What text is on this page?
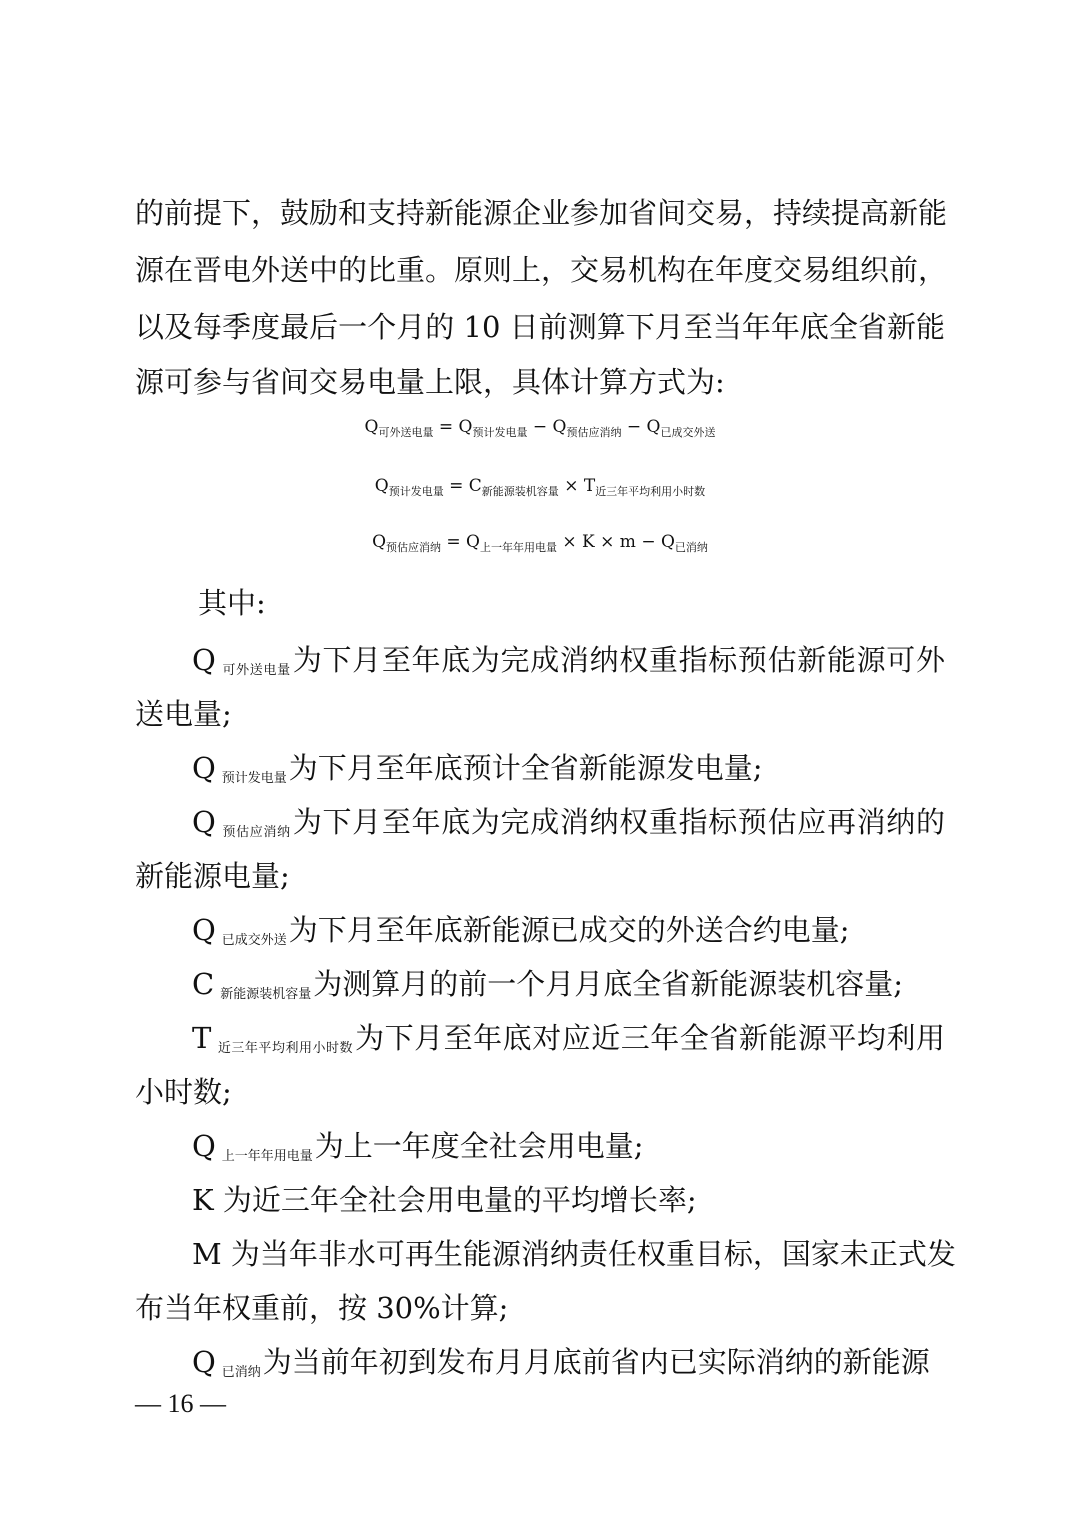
的前提下，鼓励和支持新能源企业参加省间交易，持续提高新能
源在晋电外送中的比重。原则上，交易机构在年度交易组织前，
以及每季度最后一个月的 10 日前测算下月至当年年底全省新能
源可参与省间交易电量上限，具体计算方式为:
$Q_{可外送电量} = Q_{预计发电量} - Q_{预估应消纳} - Q_{已成交外送}$
$Q_{预计发电量} = C_{新能源装机容量} \times T_{近三年平均利用小时数}$
$Q_{预估应消纳} = Q_{上一年年用电量} \times K \times m - Q_{已消纳}$
其中:
Q $_{可外送电量}$为下月至年底为完成消纳权重指标预估新能源可外
送电量;
Q $_{预计发电量}$为下月至年底预计全省新能源发电量;
Q $_{预估应消纳}$为下月至年底为完成消纳权重指标预估应再消纳的
新能源电量;
Q $_{已成交外送}$为下月至年底新能源已成交的外送合约电量;
C $_{新能源装机容量}$为测算月的前一个月月底全省新能源装机容量;
T $_{近三年平均利用小时数}$为下月至年底对应近三年全省新能源平均利用
小时数;
Q $_{上一年年用电量}$为上一年度全社会用电量;
K 为近三年全社会用电量的平均增长率;
M 为当年非水可再生能源消纳责任权重目标，国家未正式发
布当年权重前，按 30%计算;
Q $_{已消纳}$为当前年初到发布月月底前省内已实际消纳的新能源
— 16 —
